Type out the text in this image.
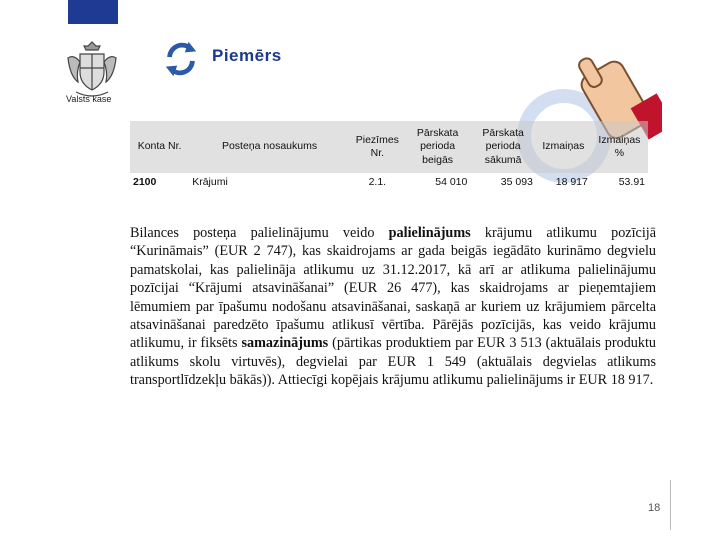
Valsts kase
Piemērs
Konta Nr.	Posteņa nosaukums	Piezīmes Nr.	Pārskata perioda beigās	Pārskata perioda sākumā	Izmaiņas	Izmaiņas %
2100	Krājumi	2.1.	54 010	35 093	18 917	53.91
Bilances posteņa palielinājumu veido palielinājums krājumu atlikumu pozīcijā “Kurināmais” (EUR 2 747), kas skaidrojams ar gada beigās iegādāto kurināmo degvielu pamatskolai, kas palielināja atlikumu uz 31.12.2017, kā arī ar atlikuma palielinājumu pozīcijai “Krājumi atsavināšanai” (EUR 26 477), kas skaidrojams ar pieņemtajiem lēmumiem par īpašumu nodošanu atsavināšanai, saskaņā ar kuriem uz krājumiem pārcelta atsavināšanai paredzēto īpašumu atlikusī vērtība. Pārējās pozīcijās, kas veido krājumu atlikumu, ir fiksēts samazinājums (pārtikas produktiem par EUR 3 513 (aktuālais produktu atlikums skolu virtuvēs), degvielai par EUR 1 549 (aktuālais degvielas atlikums transportlīdzekļu bākās)). Attiecīgi kopējais krājumu atlikumu palielinājums ir EUR 18 917.
18
